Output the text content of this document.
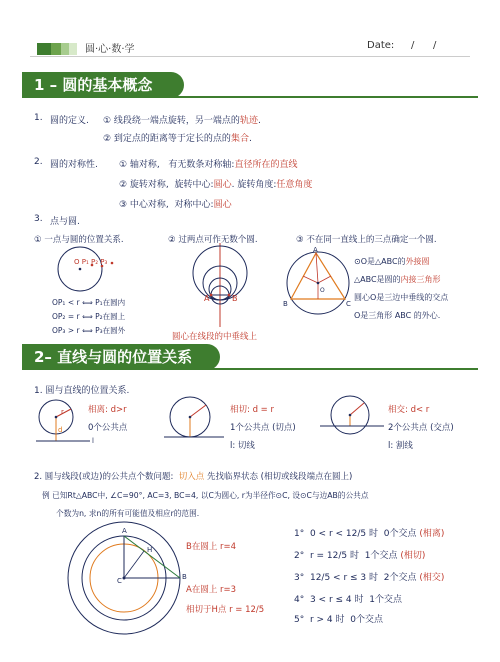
圆·心·数·学	Date: / /
1 – 圆的基本概念
1. 圆的定义. ① 线段绕一端点旋转，另一端点的轨迹.
② 到定点的距离等于定长的点的集合.
2. 圆的对称性. ① 轴对称, 有无数条对称轴:直径所在的直线
② 旋转对称, 旋转中心:圆心. 旋转角度:任意角度
③ 中心对称, 对称中心:圆心
3. 点与圆.
① 一点与圆的位置关系.	② 过两点可作无数个圆.	③ 不在同一直线上的三点确定一个圆.
O P₁ P₂ P₃
OP₁ < r ⟺ P₁在圆内
OP₂ = r ⟺ P₂在圆上
OP₃ > r ⟺ P₃在圆外
A	B
圆心在线段的中垂线上
A
B	C
O
⊙O是△ABC的外接圆
△ABC是圆的内接三角形
圆心O是三边中垂线的交点
O是三角形 ABC 的外心.
2– 直线与圆的位置关系
1. 圆与直线的位置关系.
r
d
l
相离: d>r
0个公共点
相切: d = r
1个公共点 (切点)
l: 切线
相交: d< r
2个公共点 (交点)
l: 割线
2. 圆与线段(或边)的公共点个数问题: 切入点 先找临界状态 (相切或线段端点在圆上)
例 已知Rt△ABC中, ∠C=90°, AC=3, BC=4, 以C为圆心, r为半径作⊙C, 设⊙C与边AB的公共点
个数为n, 求n的所有可能值及相应r的范围.
A
B
C
H	B在圆上 r=4
A在圆上 r=3
相切于H点 r = 12/5
1° 0 < r < 12/5 时 0个交点 (相离)
2° r = 12/5 时 1个交点 (相切)
3° 12/5 < r ≤ 3 时 2个交点 (相交)
4° 3 < r ≤ 4 时 1个交点
5° r > 4 时 0个交点
